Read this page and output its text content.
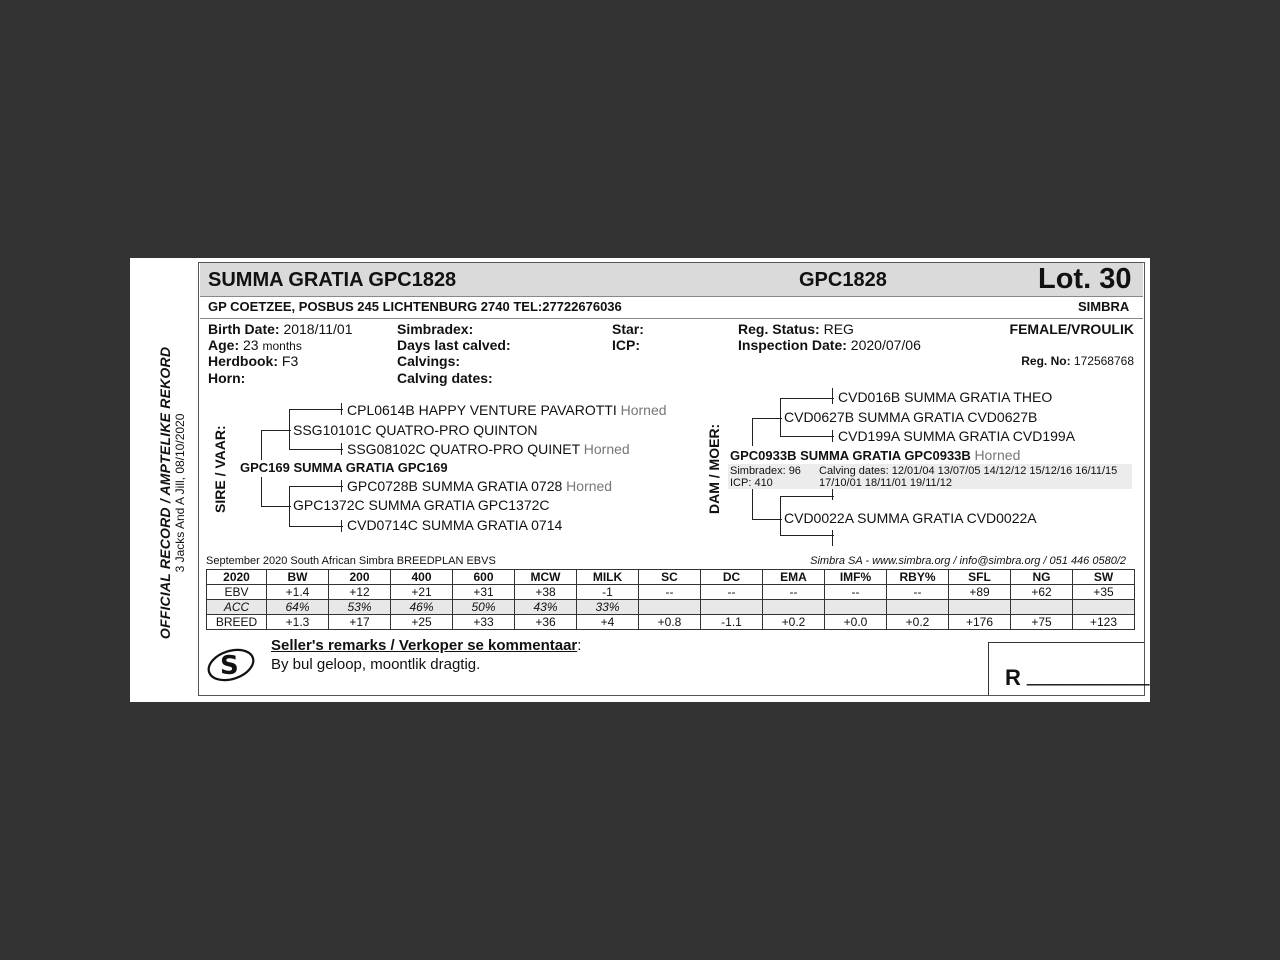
OFFICIAL RECORD / AMPTELIKE REKORD 3 Jacks And A Jill, 08/10/2020
SUMMA GRATIA GPC1828	GPC1828	Lot. 30
GP COETZEE, POSBUS 245 LICHTENBURG 2740 TEL:27722676036	SIMBRA
Birth Date: 2018/11/01
Age: 23 months
Herdbook: F3
Horn:
Simbradex:
Days last calved:
Calvings:
Calving dates:
Star:
ICP:
Reg. Status: REG
Inspection Date: 2020/07/06
FEMALE/VROULIK
Reg. No: 172568768
SIRE / VAAR:
CPL0614B HAPPY VENTURE PAVAROTTI Horned
SSG10101C QUATRO-PRO QUINTON
SSG08102C QUATRO-PRO QUINET Horned
GPC169 SUMMA GRATIA GPC169
GPC0728B SUMMA GRATIA 0728 Horned
GPC1372C SUMMA GRATIA GPC1372C
CVD0714C SUMMA GRATIA 0714
DAM / MOER:
CVD016B SUMMA GRATIA THEO
CVD0627B SUMMA GRATIA CVD0627B
CVD199A SUMMA GRATIA CVD199A
GPC0933B SUMMA GRATIA GPC0933B Horned
Simbradex: 96
ICP: 410
Calving dates: 12/01/04 13/07/05 14/12/12 15/12/16 16/11/15
17/10/01 18/11/01 19/11/12
CVD0022A SUMMA GRATIA CVD0022A
September 2020 South African Simbra BREEDPLAN EBVS	Simbra SA - www.simbra.org / info@simbra.org / 051 446 0580/2
2020	BW	200	400	600	MCW	MILK	SC	DC	EMA	IMF%	RBY%	SFL	NG	SW
EBV	+1.4	+12	+21	+31	+38	-1	--	--	--	--	--	+89	+62	+35
ACC	64%	53%	46%	50%	43%	33%								
BREED	+1.3	+17	+25	+33	+36	+4	+0.8	-1.1	+0.2	+0.0	+0.2	+176	+75	+123
S
Seller's remarks / Verkoper se kommentaar:
By bul geloop, moontlik dragtig.
R __________
